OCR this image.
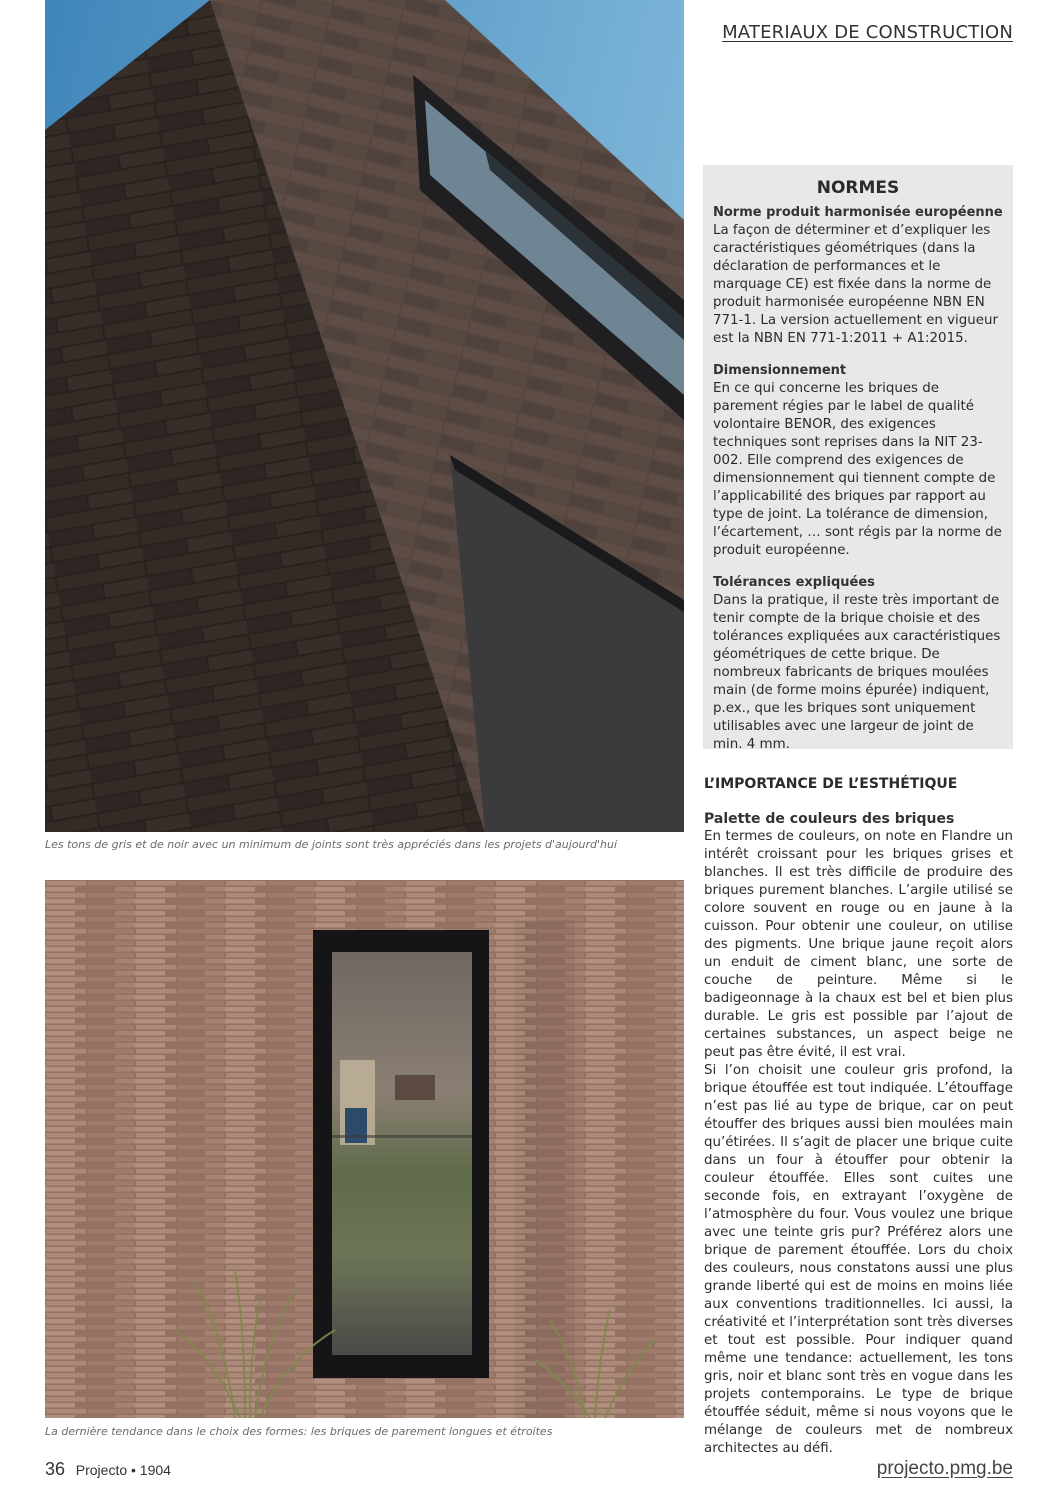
MATERIAUX DE CONSTRUCTION
Les tons de gris et de noir avec un minimum de joints sont très appréciés dans les projets d'aujourd'hui
La dernière tendance dans le choix des formes: les briques de parement longues et étroites
NORMES
Norme produit harmonisée européenne

La façon de déterminer et d’expliquer les caractéristiques géométriques (dans la déclaration de performances et le marquage CE) est fixée dans la norme de produit harmonisée européenne NBN EN 771-1. La version actuellement en vigueur est la NBN EN 771-1:2011 + A1:2015.

Dimensionnement

En ce qui concerne les briques de parement régies par le label de qualité volontaire BENOR, des exigences techniques sont reprises dans la NIT 23-002. Elle comprend des exigences de dimensionnement qui tiennent compte de l’applicabilité des briques par rapport au type de joint. La tolérance de dimension, l’écartement, … sont régis par la norme de produit européenne.

Tolérances expliquées

Dans la pratique, il reste très important de tenir compte de la brique choisie et des tolérances expliquées aux caractéristiques géométriques de cette brique. De nombreux fabricants de briques moulées main (de forme moins épurée) indiquent, p.ex., que les briques sont uniquement utilisables avec une largeur de joint de min. 4 mm.

L’IMPORTANCE DE L’ESTHÉTIQUE
Palette de couleurs des briques

En termes de couleurs, on note en Flandre un intérêt croissant pour les briques grises et blanches. Il est très difficile de produire des briques purement blanches. L’argile utilisé se colore souvent en rouge ou en jaune à la cuisson. Pour obtenir une couleur, on utilise des pigments. Une brique jaune reçoit alors un enduit de ciment blanc, une sorte de couche de peinture. Même si le badigeonnage à la chaux est bel et bien plus durable. Le gris est possible par l’ajout de certaines substances, un aspect beige ne peut pas être évité, il est vrai.

Si l’on choisit une couleur gris profond, la brique étouffée est tout indiquée. L’étouffage n’est pas lié au type de brique, car on peut étouffer des briques aussi bien moulées main qu’étirées. Il s’agit de placer une brique cuite dans un four à étouffer pour obtenir la couleur étouffée. Elles sont cuites une seconde fois, en extrayant l’oxygène de l’atmosphère du four. Vous voulez une brique avec une teinte gris pur? Préférez alors une brique de parement étouffée. Lors du choix des couleurs, nous constatons aussi une plus grande liberté qui est de moins en moins liée aux conventions traditionnelles. Ici aussi, la créativité et l’interprétation sont très diverses et tout est possible. Pour indiquer quand même une tendance: actuellement, les tons gris, noir et blanc sont très en vogue dans les projets contemporains. Le type de brique étouffée séduit, même si nous voyons que le mélange de couleurs met de nombreux architectes au défi.

36 Projecto • 1904	projecto.pmg.be
